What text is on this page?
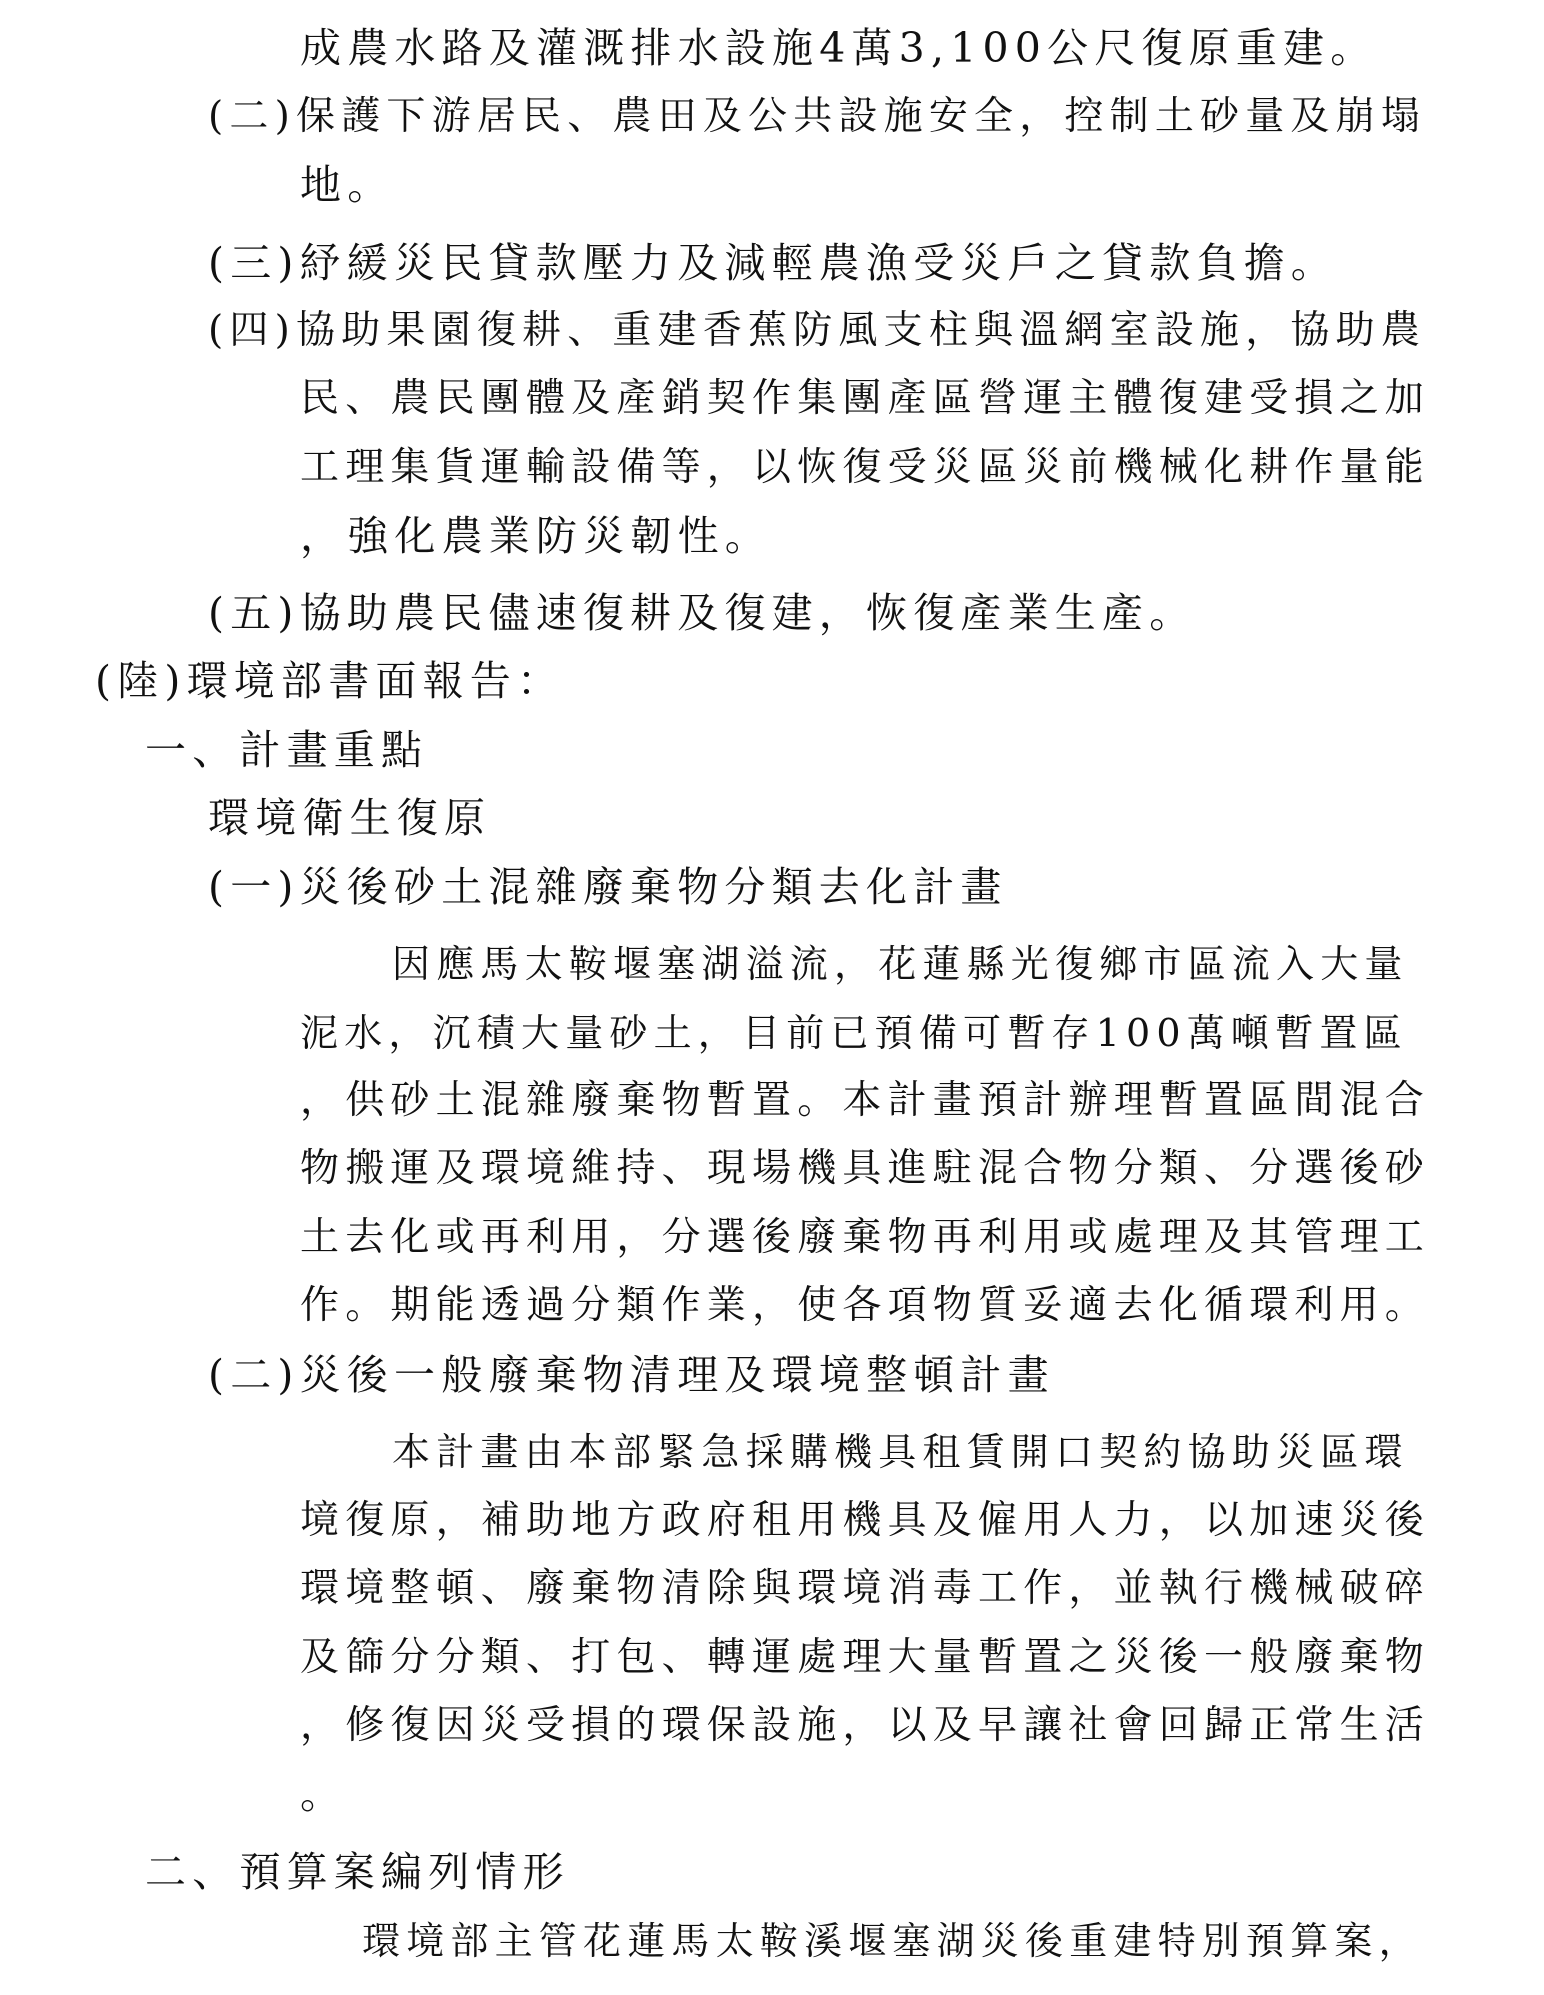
成農水路及灌溉排水設施4萬3,100公尺復原重建。
(二)保護下游居民、農田及公共設施安全，控制土砂量及崩塌
地。
(三)紓緩災民貸款壓力及減輕農漁受災戶之貸款負擔。
(四)協助果園復耕、重建香蕉防風支柱與溫網室設施，協助農
民、農民團體及產銷契作集團產區營運主體復建受損之加
工理集貨運輸設備等，以恢復受災區災前機械化耕作量能
，強化農業防災韌性。
(五)協助農民儘速復耕及復建，恢復產業生產。
(陸)環境部書面報告：
一、計畫重點
環境衛生復原
(一)災後砂土混雜廢棄物分類去化計畫
因應馬太鞍堰塞湖溢流，花蓮縣光復鄉市區流入大量
泥水，沉積大量砂土，目前已預備可暫存100萬噸暫置區
，供砂土混雜廢棄物暫置。本計畫預計辦理暫置區間混合
物搬運及環境維持、現場機具進駐混合物分類、分選後砂
土去化或再利用，分選後廢棄物再利用或處理及其管理工
作。期能透過分類作業，使各項物質妥適去化循環利用。
(二)災後一般廢棄物清理及環境整頓計畫
本計畫由本部緊急採購機具租賃開口契約協助災區環
境復原，補助地方政府租用機具及僱用人力，以加速災後
環境整頓、廢棄物清除與環境消毒工作，並執行機械破碎
及篩分分類、打包、轉運處理大量暫置之災後一般廢棄物
，修復因災受損的環保設施，以及早讓社會回歸正常生活
。
二、預算案編列情形
環境部主管花蓮馬太鞍溪堰塞湖災後重建特別預算案，
